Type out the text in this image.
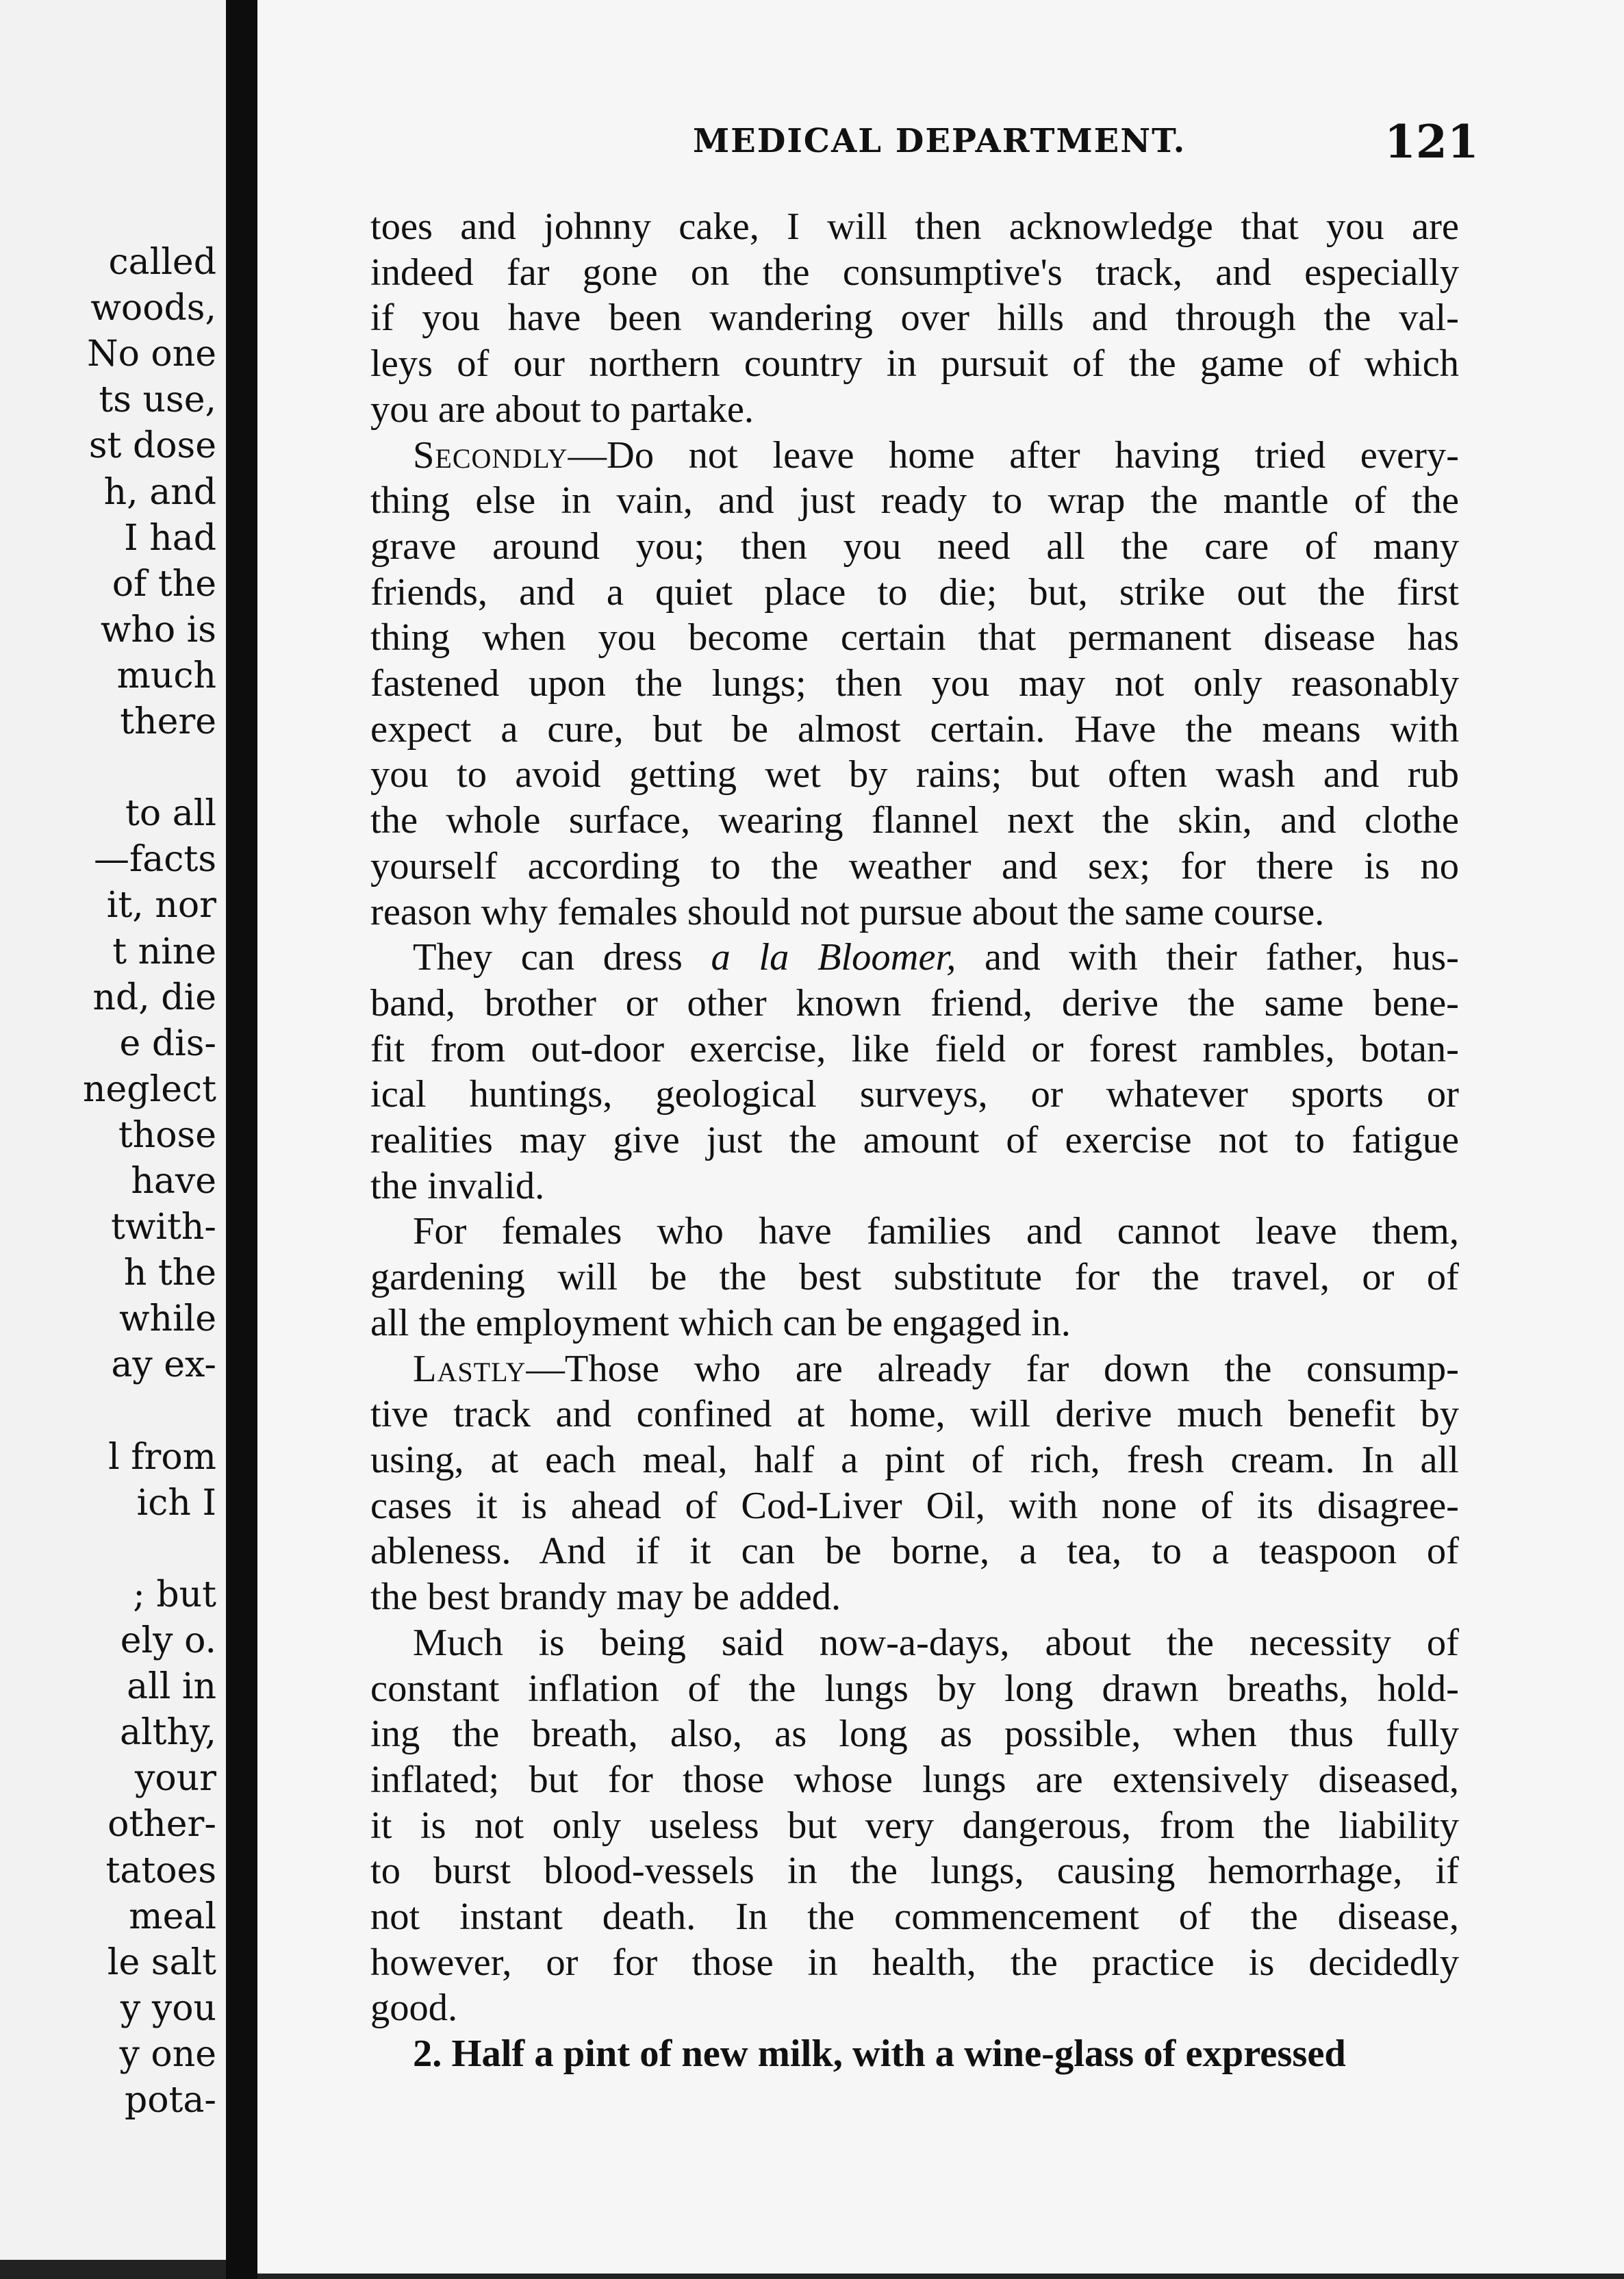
called
woods,
No one
ts use,
st dose
h, and
I had
of the
who is
much
there
to all
—facts
it, nor
t nine
nd, die
e dis-
neglect
those
have
twith-
h the
while
ay ex-
l from
ich I
; but
ely o.
all in
althy,
your
other-
tatoes
meal
le salt
y you
y one
pota-
MEDICAL DEPARTMENT.	121
toes and johnny cake, I will then acknowledge that you are
indeed far gone on the consumptive's track, and especially
if you have been wandering over hills and through the val-
leys of our northern country in pursuit of the game of which
you are about to partake.
Secondly—Do not leave home after having tried every-
thing else in vain, and just ready to wrap the mantle of the
grave around you; then you need all the care of many
friends, and a quiet place to die; but, strike out the first
thing when you become certain that permanent disease has
fastened upon the lungs; then you may not only reasonably
expect a cure, but be almost certain. Have the means with
you to avoid getting wet by rains; but often wash and rub
the whole surface, wearing flannel next the skin, and clothe
yourself according to the weather and sex; for there is no
reason why females should not pursue about the same course.
They can dress a la Bloomer, and with their father, hus-
band, brother or other known friend, derive the same bene-
fit from out-door exercise, like field or forest rambles, botan-
ical huntings, geological surveys, or whatever sports or
realities may give just the amount of exercise not to fatigue
the invalid.
For females who have families and cannot leave them,
gardening will be the best substitute for the travel, or of
all the employment which can be engaged in.
Lastly—Those who are already far down the consump-
tive track and confined at home, will derive much benefit by
using, at each meal, half a pint of rich, fresh cream. In all
cases it is ahead of Cod-Liver Oil, with none of its disagree-
ableness. And if it can be borne, a tea, to a teaspoon of
the best brandy may be added.
Much is being said now-a-days, about the necessity of
constant inflation of the lungs by long drawn breaths, hold-
ing the breath, also, as long as possible, when thus fully
inflated; but for those whose lungs are extensively diseased,
it is not only useless but very dangerous, from the liability
to burst blood-vessels in the lungs, causing hemorrhage, if
not instant death. In the commencement of the disease,
however, or for those in health, the practice is decidedly
good.
2. Half a pint of new milk, with a wine-glass of expressed
